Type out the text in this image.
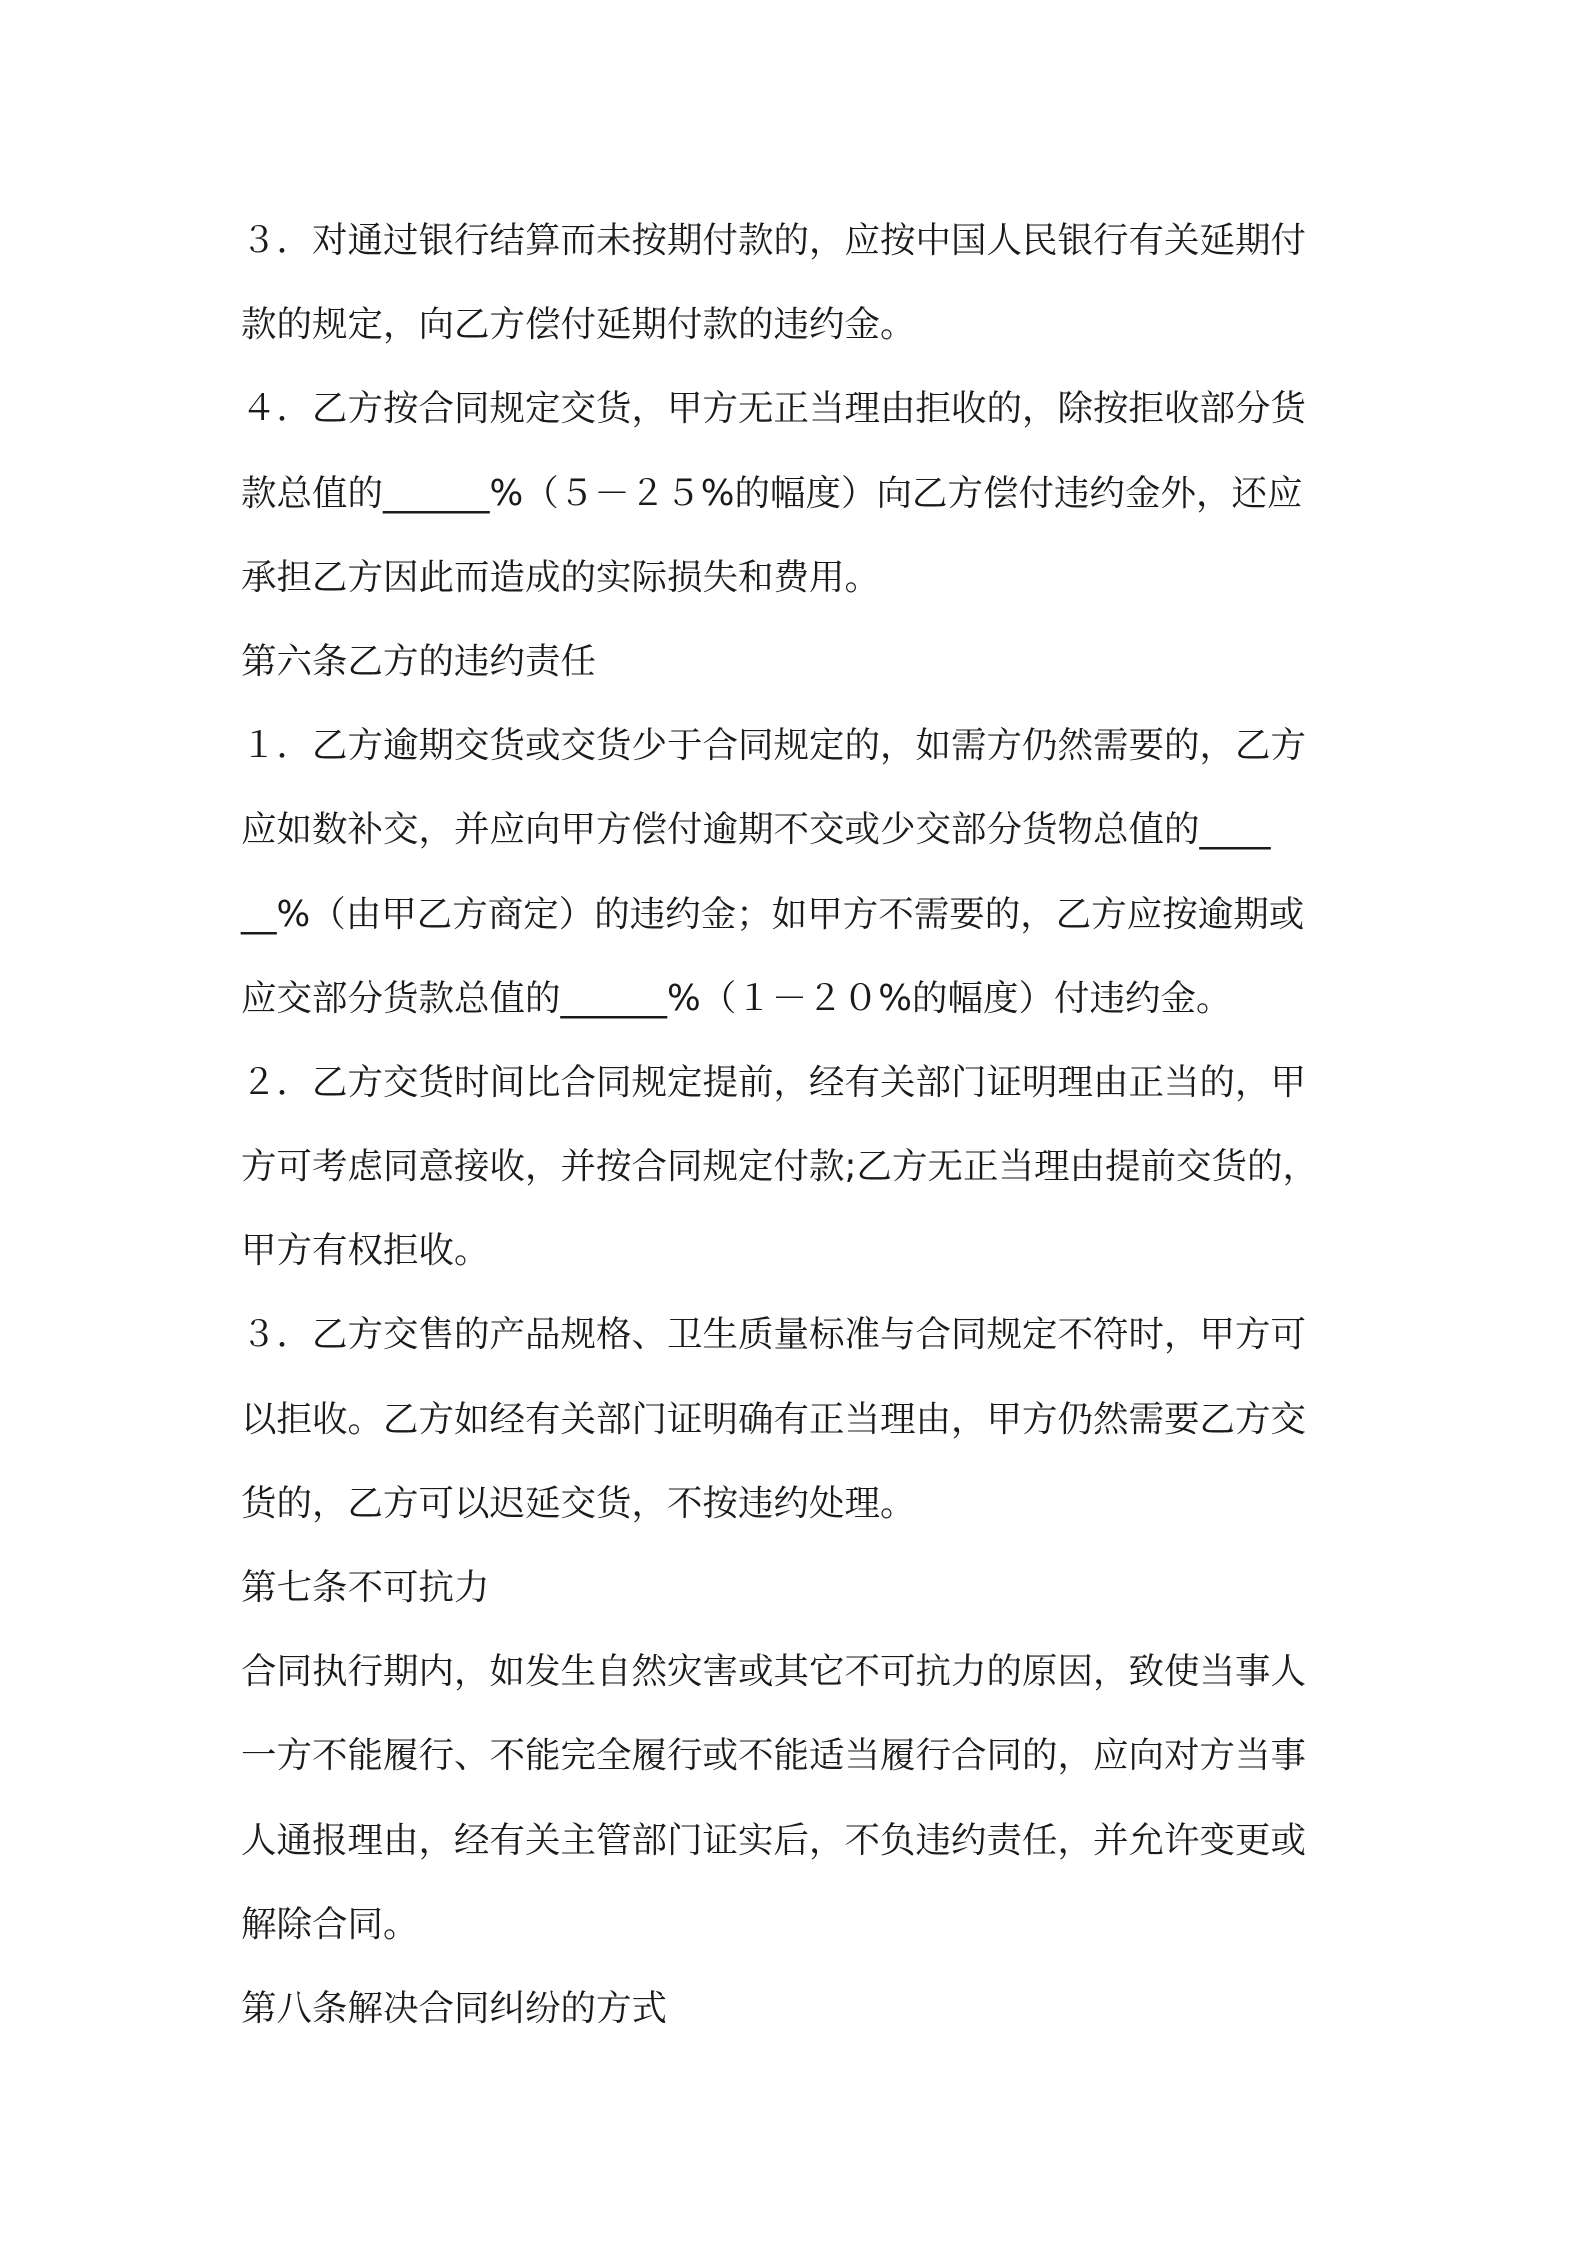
３．对通过银行结算而未按期付款的，应按中国人民银行有关延期付
款的规定，向乙方偿付延期付款的违约金。
４．乙方按合同规定交货，甲方无正当理由拒收的，除按拒收部分货
款总值的______%（５－２５%的幅度）向乙方偿付违约金外，还应
承担乙方因此而造成的实际损失和费用。
第六条乙方的违约责任
１．乙方逾期交货或交货少于合同规定的，如需方仍然需要的，乙方
应如数补交，并应向甲方偿付逾期不交或少交部分货物总值的____
__%（由甲乙方商定）的违约金；如甲方不需要的，乙方应按逾期或
应交部分货款总值的______%（１－２０%的幅度）付违约金。
２．乙方交货时间比合同规定提前，经有关部门证明理由正当的，甲
方可考虑同意接收，并按合同规定付款;乙方无正当理由提前交货的，
甲方有权拒收。
３．乙方交售的产品规格、卫生质量标准与合同规定不符时，甲方可
以拒收。乙方如经有关部门证明确有正当理由，甲方仍然需要乙方交
货的，乙方可以迟延交货，不按违约处理。
第七条不可抗力
合同执行期内，如发生自然灾害或其它不可抗力的原因，致使当事人
一方不能履行、不能完全履行或不能适当履行合同的，应向对方当事
人通报理由，经有关主管部门证实后，不负违约责任，并允许变更或
解除合同。
第八条解决合同纠纷的方式
